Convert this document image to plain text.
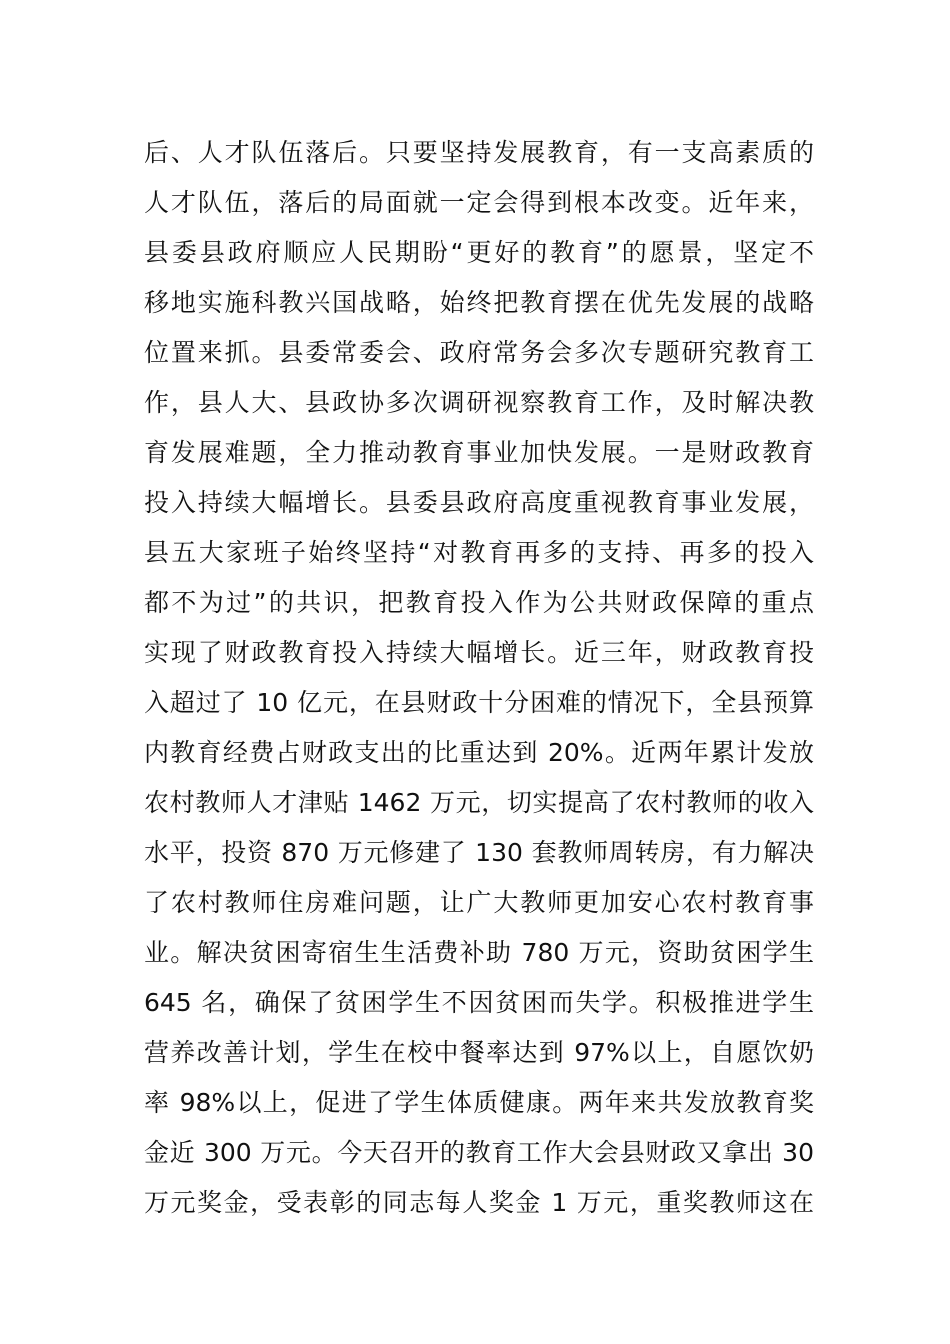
后、人才队伍落后。只要坚持发展教育，有一支高素质的
人才队伍，落后的局面就一定会得到根本改变。近年来，
县委县政府顺应人民期盼“更好的教育”的愿景，坚定不
移地实施科教兴国战略，始终把教育摆在优先发展的战略
位置来抓。县委常委会、政府常务会多次专题研究教育工
作，县人大、县政协多次调研视察教育工作，及时解决教
育发展难题，全力推动教育事业加快发展。一是财政教育
投入持续大幅增长。县委县政府高度重视教育事业发展，
县五大家班子始终坚持“对教育再多的支持、再多的投入
都不为过”的共识，把教育投入作为公共财政保障的重点
实现了财政教育投入持续大幅增长。近三年，财政教育投
入超过了 10 亿元，在县财政十分困难的情况下，全县预算
内教育经费占财政支出的比重达到 20%。近两年累计发放
农村教师人才津贴 1462 万元，切实提高了农村教师的收入
水平，投资 870 万元修建了 130 套教师周转房，有力解决
了农村教师住房难问题，让广大教师更加安心农村教育事
业。解决贫困寄宿生生活费补助 780 万元，资助贫困学生
645 名，确保了贫困学生不因贫困而失学。积极推进学生
营养改善计划，学生在校中餐率达到 97%以上，自愿饮奶
率 98%以上，促进了学生体质健康。两年来共发放教育奖
金近 300 万元。今天召开的教育工作大会县财政又拿出 30
万元奖金，受表彰的同志每人奖金 1 万元，重奖教师这在
